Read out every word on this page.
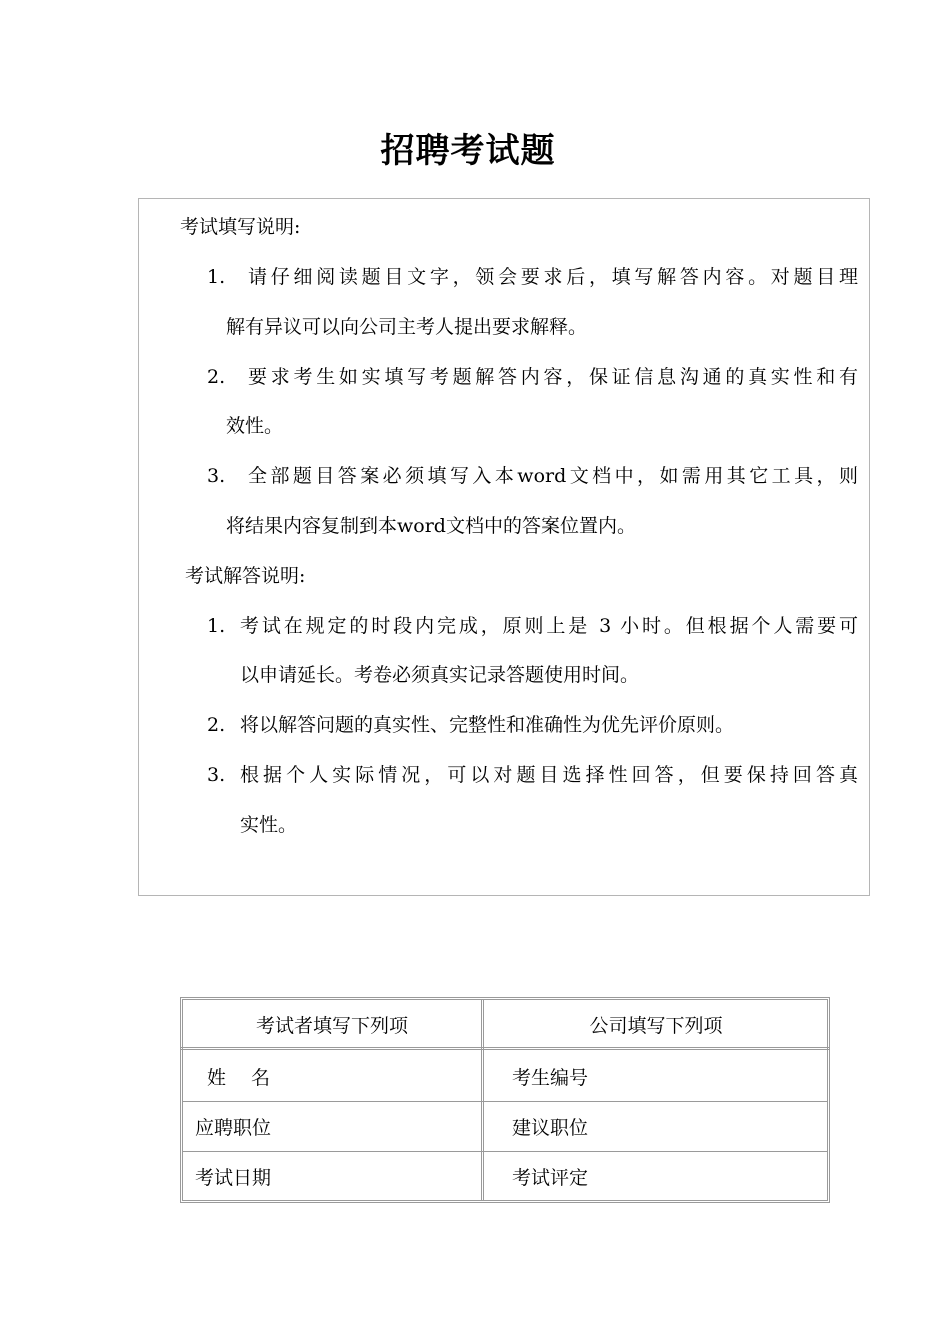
招聘考试题
考试填写说明:
1. 请仔细阅读题目文字，领会要求后，填写解答内容。对题目理
解有异议可以向公司主考人提出要求解释。
2. 要求考生如实填写考题解答内容，保证信息沟通的真实性和有
效性。
3. 全部题目答案必须填写入本word文档中，如需用其它工具，则
将结果内容复制到本word文档中的答案位置内。
考试解答说明:
1. 考试在规定的时段内完成，原则上是 3 小时。但根据个人需要可
以申请延长。考卷必须真实记录答题使用时间。
2. 将以解答问题的真实性、完整性和准确性为优先评价原则。
3. 根据个人实际情况，可以对题目选择性回答，但要保持回答真
实性。
考试者填写下列项	公司填写下列项
姓　 名	考生编号
应聘职位	建议职位
考试日期	考试评定
